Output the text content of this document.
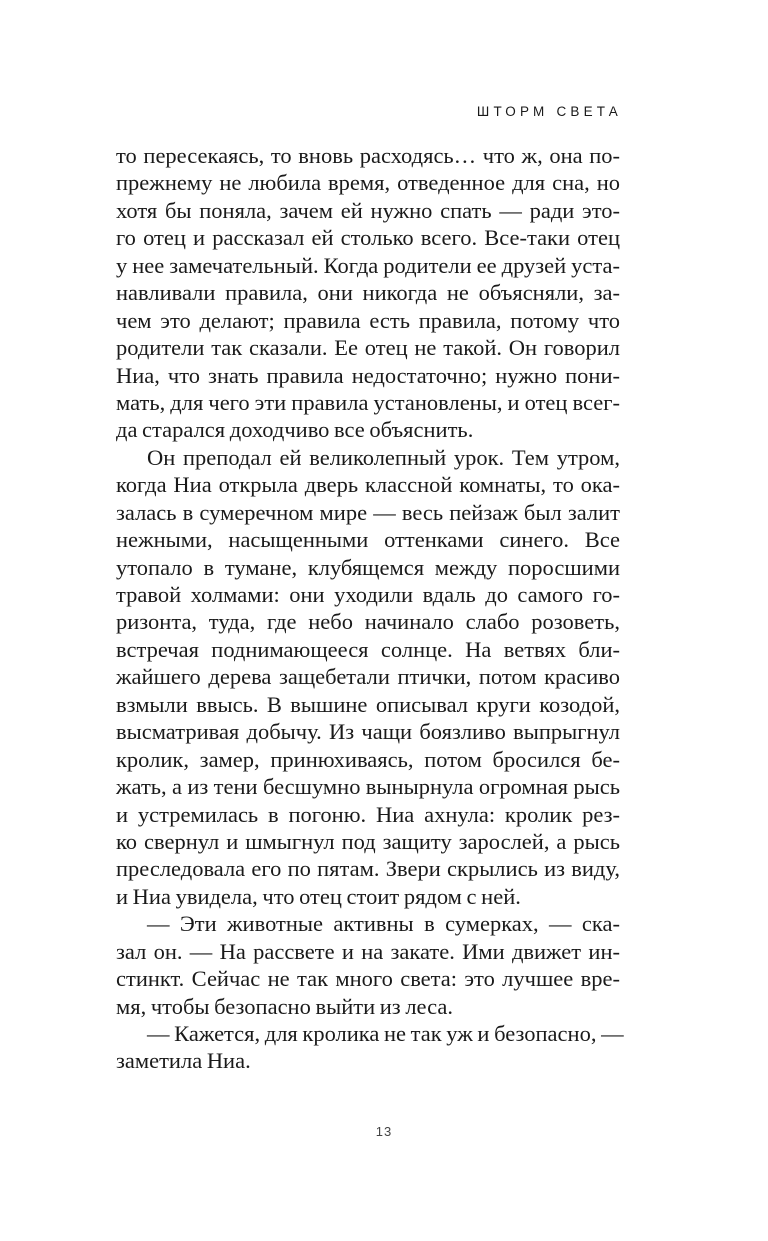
ШТОРМ СВЕТА
то пересекаясь, то вновь расходясь… что ж, она по-
прежнему не любила время, отведенное для сна, но
хотя бы поняла, зачем ей нужно спать — ради это-
го отец и рассказал ей столько всего. Все-таки отец
у нее замечательный. Когда родители ее друзей уста-
навливали правила, они никогда не объясняли, за-
чем это делают; правила есть правила, потому что
родители так сказали. Ее отец не такой. Он говорил
Ниа, что знать правила недостаточно; нужно пони-
мать, для чего эти правила установлены, и отец всег-
да старался доходчиво все объяснить.
Он преподал ей великолепный урок. Тем утром,
когда Ниа открыла дверь классной комнаты, то ока-
залась в сумеречном мире — весь пейзаж был залит
нежными, насыщенными оттенками синего. Все
утопало в тумане, клубящемся между поросшими
травой холмами: они уходили вдаль до самого го-
ризонта, туда, где небо начинало слабо розоветь,
встречая поднимающееся солнце. На ветвях бли-
жайшего дерева защебетали птички, потом красиво
взмыли ввысь. В вышине описывал круги козодой,
высматривая добычу. Из чащи боязливо выпрыгнул
кролик, замер, принюхиваясь, потом бросился бе-
жать, а из тени бесшумно вынырнула огромная рысь
и устремилась в погоню. Ниа ахнула: кролик рез-
ко свернул и шмыгнул под защиту зарослей, а рысь
преследовала его по пятам. Звери скрылись из виду,
и Ниа увидела, что отец стоит рядом с ней.
— Эти животные активны в сумерках, — ска-
зал он. — На рассвете и на закате. Ими движет ин-
стинкт. Сейчас не так много света: это лучшее вре-
мя, чтобы безопасно выйти из леса.
— Кажется, для кролика не так уж и безопасно, —
заметила Ниа.
13
